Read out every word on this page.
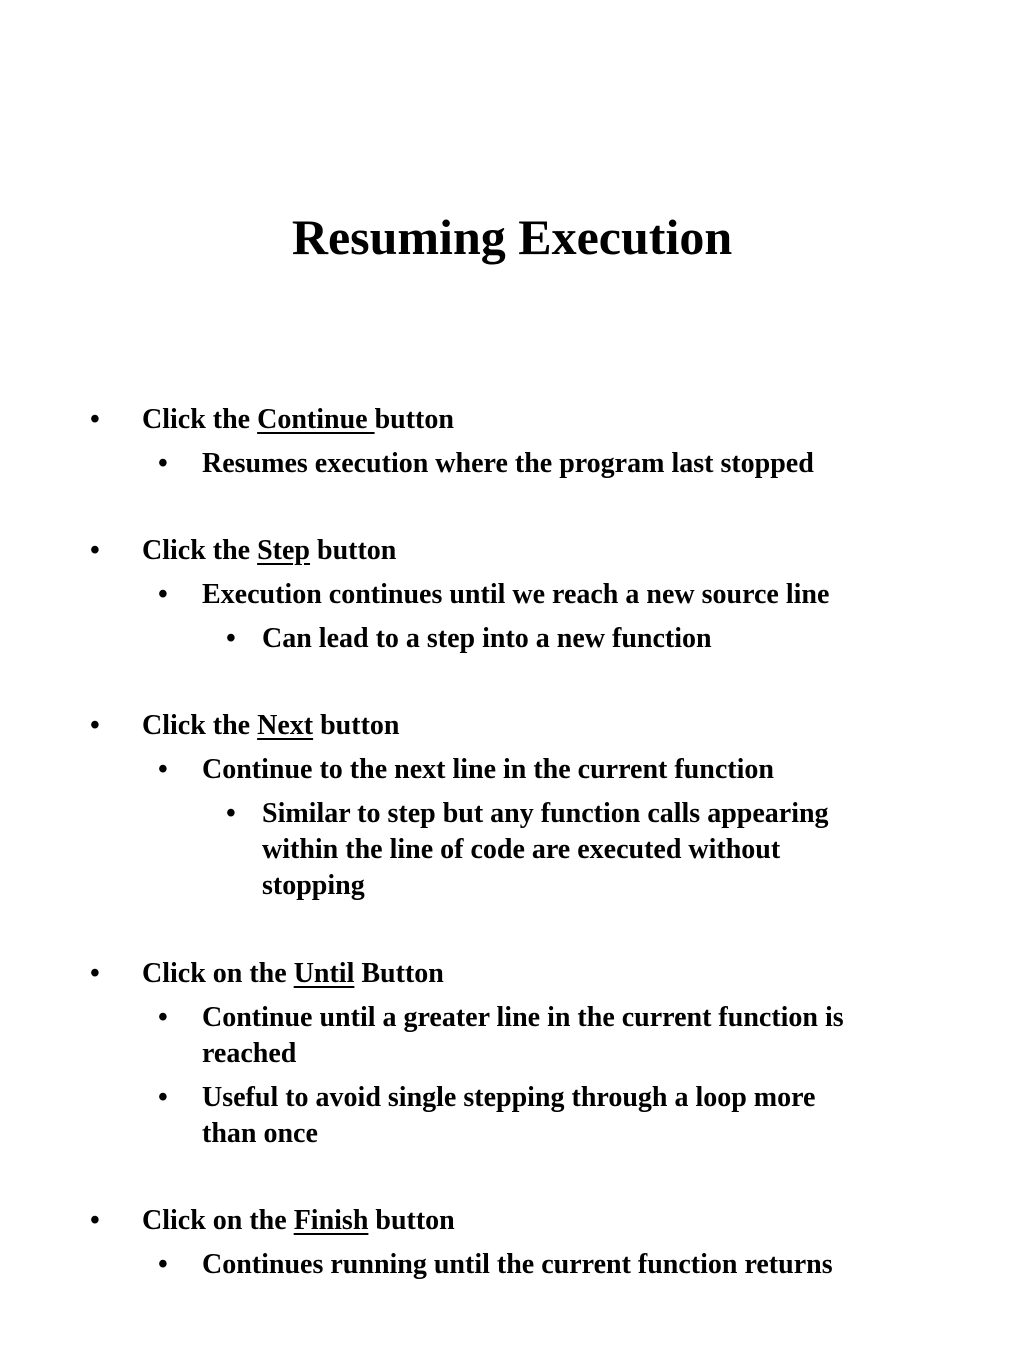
Resuming Execution
• Click the Continue button
• Resumes execution where the program last stopped
• Click the Step button
• Execution continues until we reach a new source line
• Can lead to a step into a new function
• Click the Next button
• Continue to the next line in the current function
• Similar to step but any function calls appearing
within the line of code are executed without
stopping
• Click on the Until Button
• Continue until a greater line in the current function is
reached
• Useful to avoid single stepping through a loop more
than once
• Click on the Finish button
• Continues running until the current function returns
